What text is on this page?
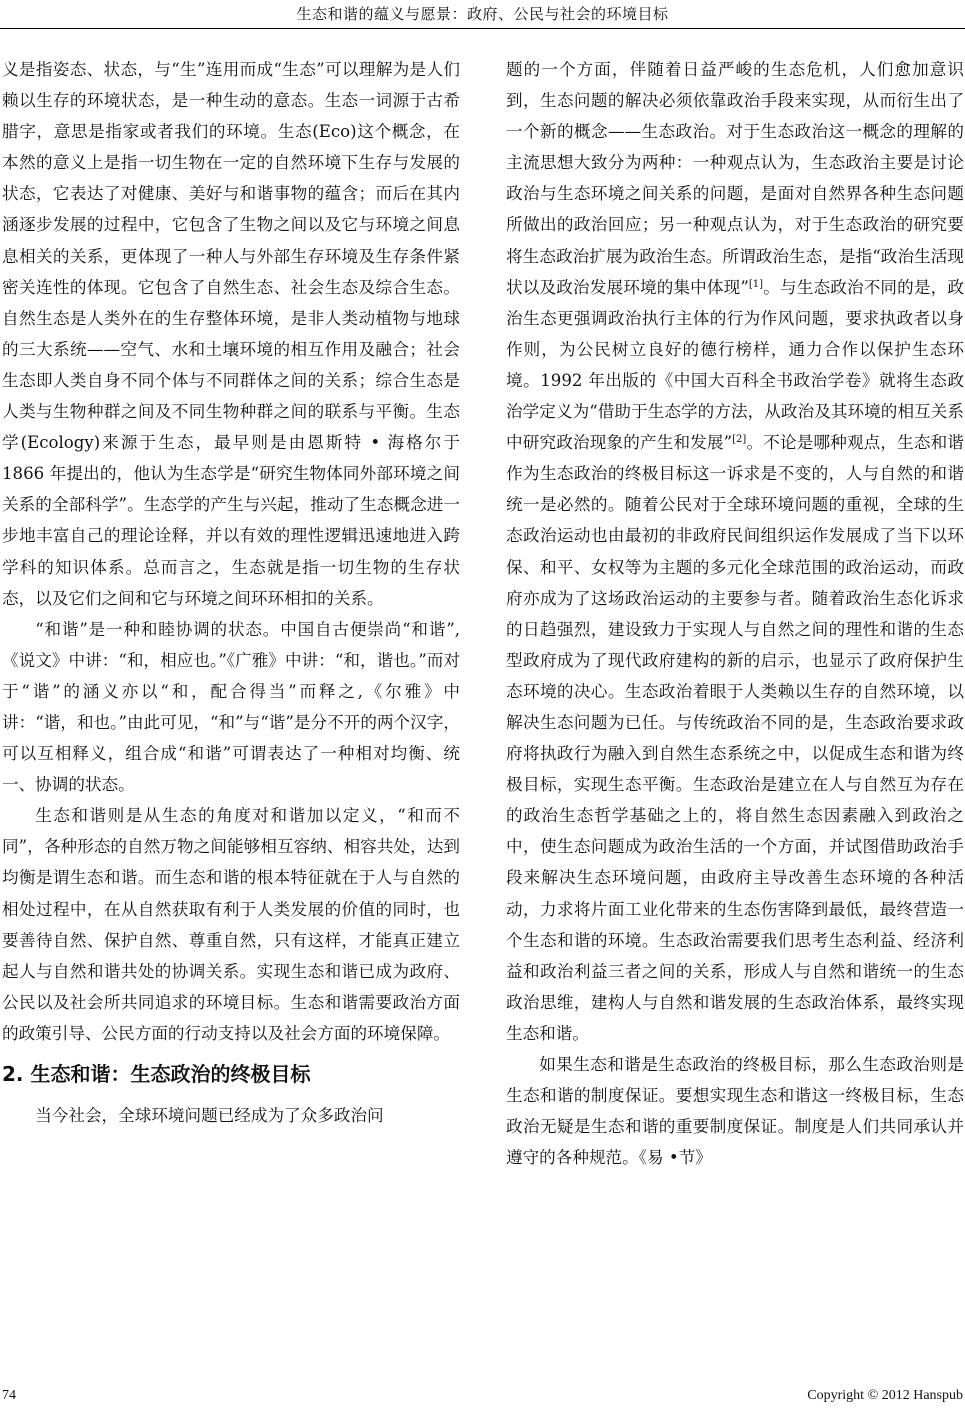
生态和谐的蕴义与愿景：政府、公民与社会的环境目标

义是指姿态、状态，与“生”连用而成“生态”可以理解为是人们赖以生存的环境状态，是一种生动的意态。生态一词源于古希腊字，意思是指家或者我们的环境。生态(Eco)这个概念，在本然的意义上是指一切生物在一定的自然环境下生存与发展的状态，它表达了对健康、美好与和谐事物的蕴含；而后在其内涵逐步发展的过程中，它包含了生物之间以及它与环境之间息息相关的关系，更体现了一种人与外部生存环境及生存条件紧密关连性的体现。它包含了自然生态、社会生态及综合生态。自然生态是人类外在的生存整体环境，是非人类动植物与地球的三大系统——空气、水和土壤环境的相互作用及融合；社会生态即人类自身不同个体与不同群体之间的关系；综合生态是人类与生物种群之间及不同生物种群之间的联系与平衡。生态学(Ecology)来源于生态，最早则是由恩斯特 • 海格尔于 1866 年提出的，他认为生态学是“研究生物体同外部环境之间关系的全部科学”。生态学的产生与兴起，推动了生态概念进一步地丰富自己的理论诠释，并以有效的理性逻辑迅速地进入跨学科的知识体系。总而言之，生态就是指一切生物的生存状态，以及它们之间和它与环境之间环环相扣的关系。

“和谐”是一种和睦协调的状态。中国自古便崇尚“和谐”,《说文》中讲：“和，相应也。”《广雅》中讲：“和，谐也。”而对于“谐”的涵义亦以“和，配合得当”而释之,《尔雅》中讲：“谐，和也。”由此可见，“和”与“谐”是分不开的两个汉字，可以互相释义，组合成“和谐”可谓表达了一种相对均衡、统一、协调的状态。

生态和谐则是从生态的角度对和谐加以定义，“和而不同”，各种形态的自然万物之间能够相互容纳、相容共处，达到均衡是谓生态和谐。而生态和谐的根本特征就在于人与自然的相处过程中，在从自然获取有利于人类发展的价值的同时，也要善待自然、保护自然、尊重自然，只有这样，才能真正建立起人与自然和谐共处的协调关系。实现生态和谐已成为政府、公民以及社会所共同追求的环境目标。生态和谐需要政治方面的政策引导、公民方面的行动支持以及社会方面的环境保障。

2. 生态和谐：生态政治的终极目标

当今社会，全球环境问题已经成为了众多政治问

题的一个方面，伴随着日益严峻的生态危机，人们愈加意识到，生态问题的解决必须依靠政治手段来实现，从而衍生出了一个新的概念——生态政治。对于生态政治这一概念的理解的主流思想大致分为两种：一种观点认为，生态政治主要是讨论政治与生态环境之间关系的问题，是面对自然界各种生态问题所做出的政治回应；另一种观点认为，对于生态政治的研究要将生态政治扩展为政治生态。所谓政治生态，是指“政治生活现状以及政治发展环境的集中体现”[1]。与生态政治不同的是，政治生态更强调政治执行主体的行为作风问题，要求执政者以身作则，为公民树立良好的德行榜样，通力合作以保护生态环境。1992 年出版的《中国大百科全书政治学卷》就将生态政治学定义为“借助于生态学的方法，从政治及其环境的相互关系中研究政治现象的产生和发展”[2]。不论是哪种观点，生态和谐作为生态政治的终极目标这一诉求是不变的，人与自然的和谐统一是必然的。随着公民对于全球环境问题的重视，全球的生态政治运动也由最初的非政府民间组织运作发展成了当下以环保、和平、女权等为主题的多元化全球范围的政治运动，而政府亦成为了这场政治运动的主要参与者。随着政治生态化诉求的日趋强烈，建设致力于实现人与自然之间的理性和谐的生态型政府成为了现代政府建构的新的启示，也显示了政府保护生态环境的决心。生态政治着眼于人类赖以生存的自然环境，以解决生态问题为已任。与传统政治不同的是，生态政治要求政府将执政行为融入到自然生态系统之中，以促成生态和谐为终极目标，实现生态平衡。生态政治是建立在人与自然互为存在的政治生态哲学基础之上的，将自然生态因素融入到政治之中，使生态问题成为政治生活的一个方面，并试图借助政治手段来解决生态环境问题，由政府主导改善生态环境的各种活动，力求将片面工业化带来的生态伤害降到最低，最终营造一个生态和谐的环境。生态政治需要我们思考生态利益、经济利益和政治利益三者之间的关系，形成人与自然和谐统一的生态政治思维，建构人与自然和谐发展的生态政治体系，最终实现生态和谐。

如果生态和谐是生态政治的终极目标，那么生态政治则是生态和谐的制度保证。要想实现生态和谐这一终极目标，生态政治无疑是生态和谐的重要制度保证。制度是人们共同承认并遵守的各种规范。《易 •节》

74	Copyright © 2012 Hanspub
